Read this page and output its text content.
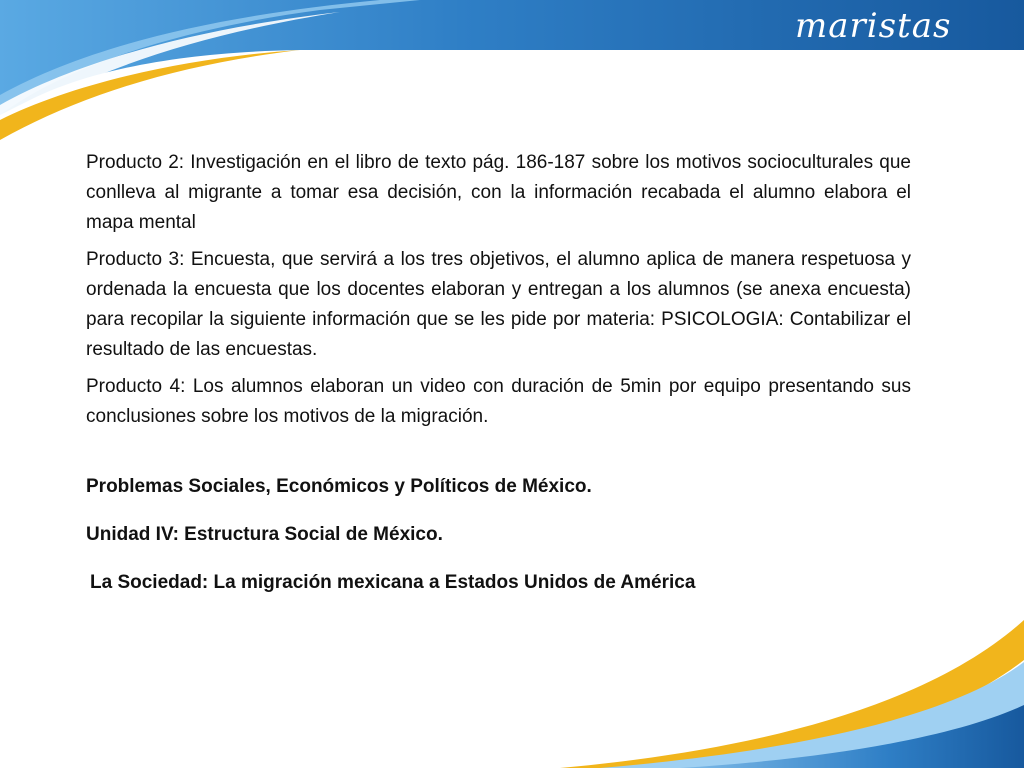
maristas

Producto 2: Investigación en el libro de texto pág. 186-187 sobre los motivos socioculturales que conlleva al migrante a tomar esa decisión, con la información recabada el alumno elabora el mapa mental

Producto 3: Encuesta, que servirá a los tres objetivos, el alumno aplica de manera respetuosa y ordenada la encuesta que los docentes elaboran y entregan a los alumnos (se anexa encuesta) para recopilar la siguiente información que se les pide por materia: PSICOLOGIA: Contabilizar el resultado de las encuestas.

Producto 4: Los alumnos elaboran un video con duración de 5min por equipo presentando sus conclusiones sobre los motivos de la migración.

Problemas Sociales, Económicos y Políticos de México.

Unidad IV: Estructura Social de México.

La Sociedad: La migración mexicana a Estados Unidos de América
